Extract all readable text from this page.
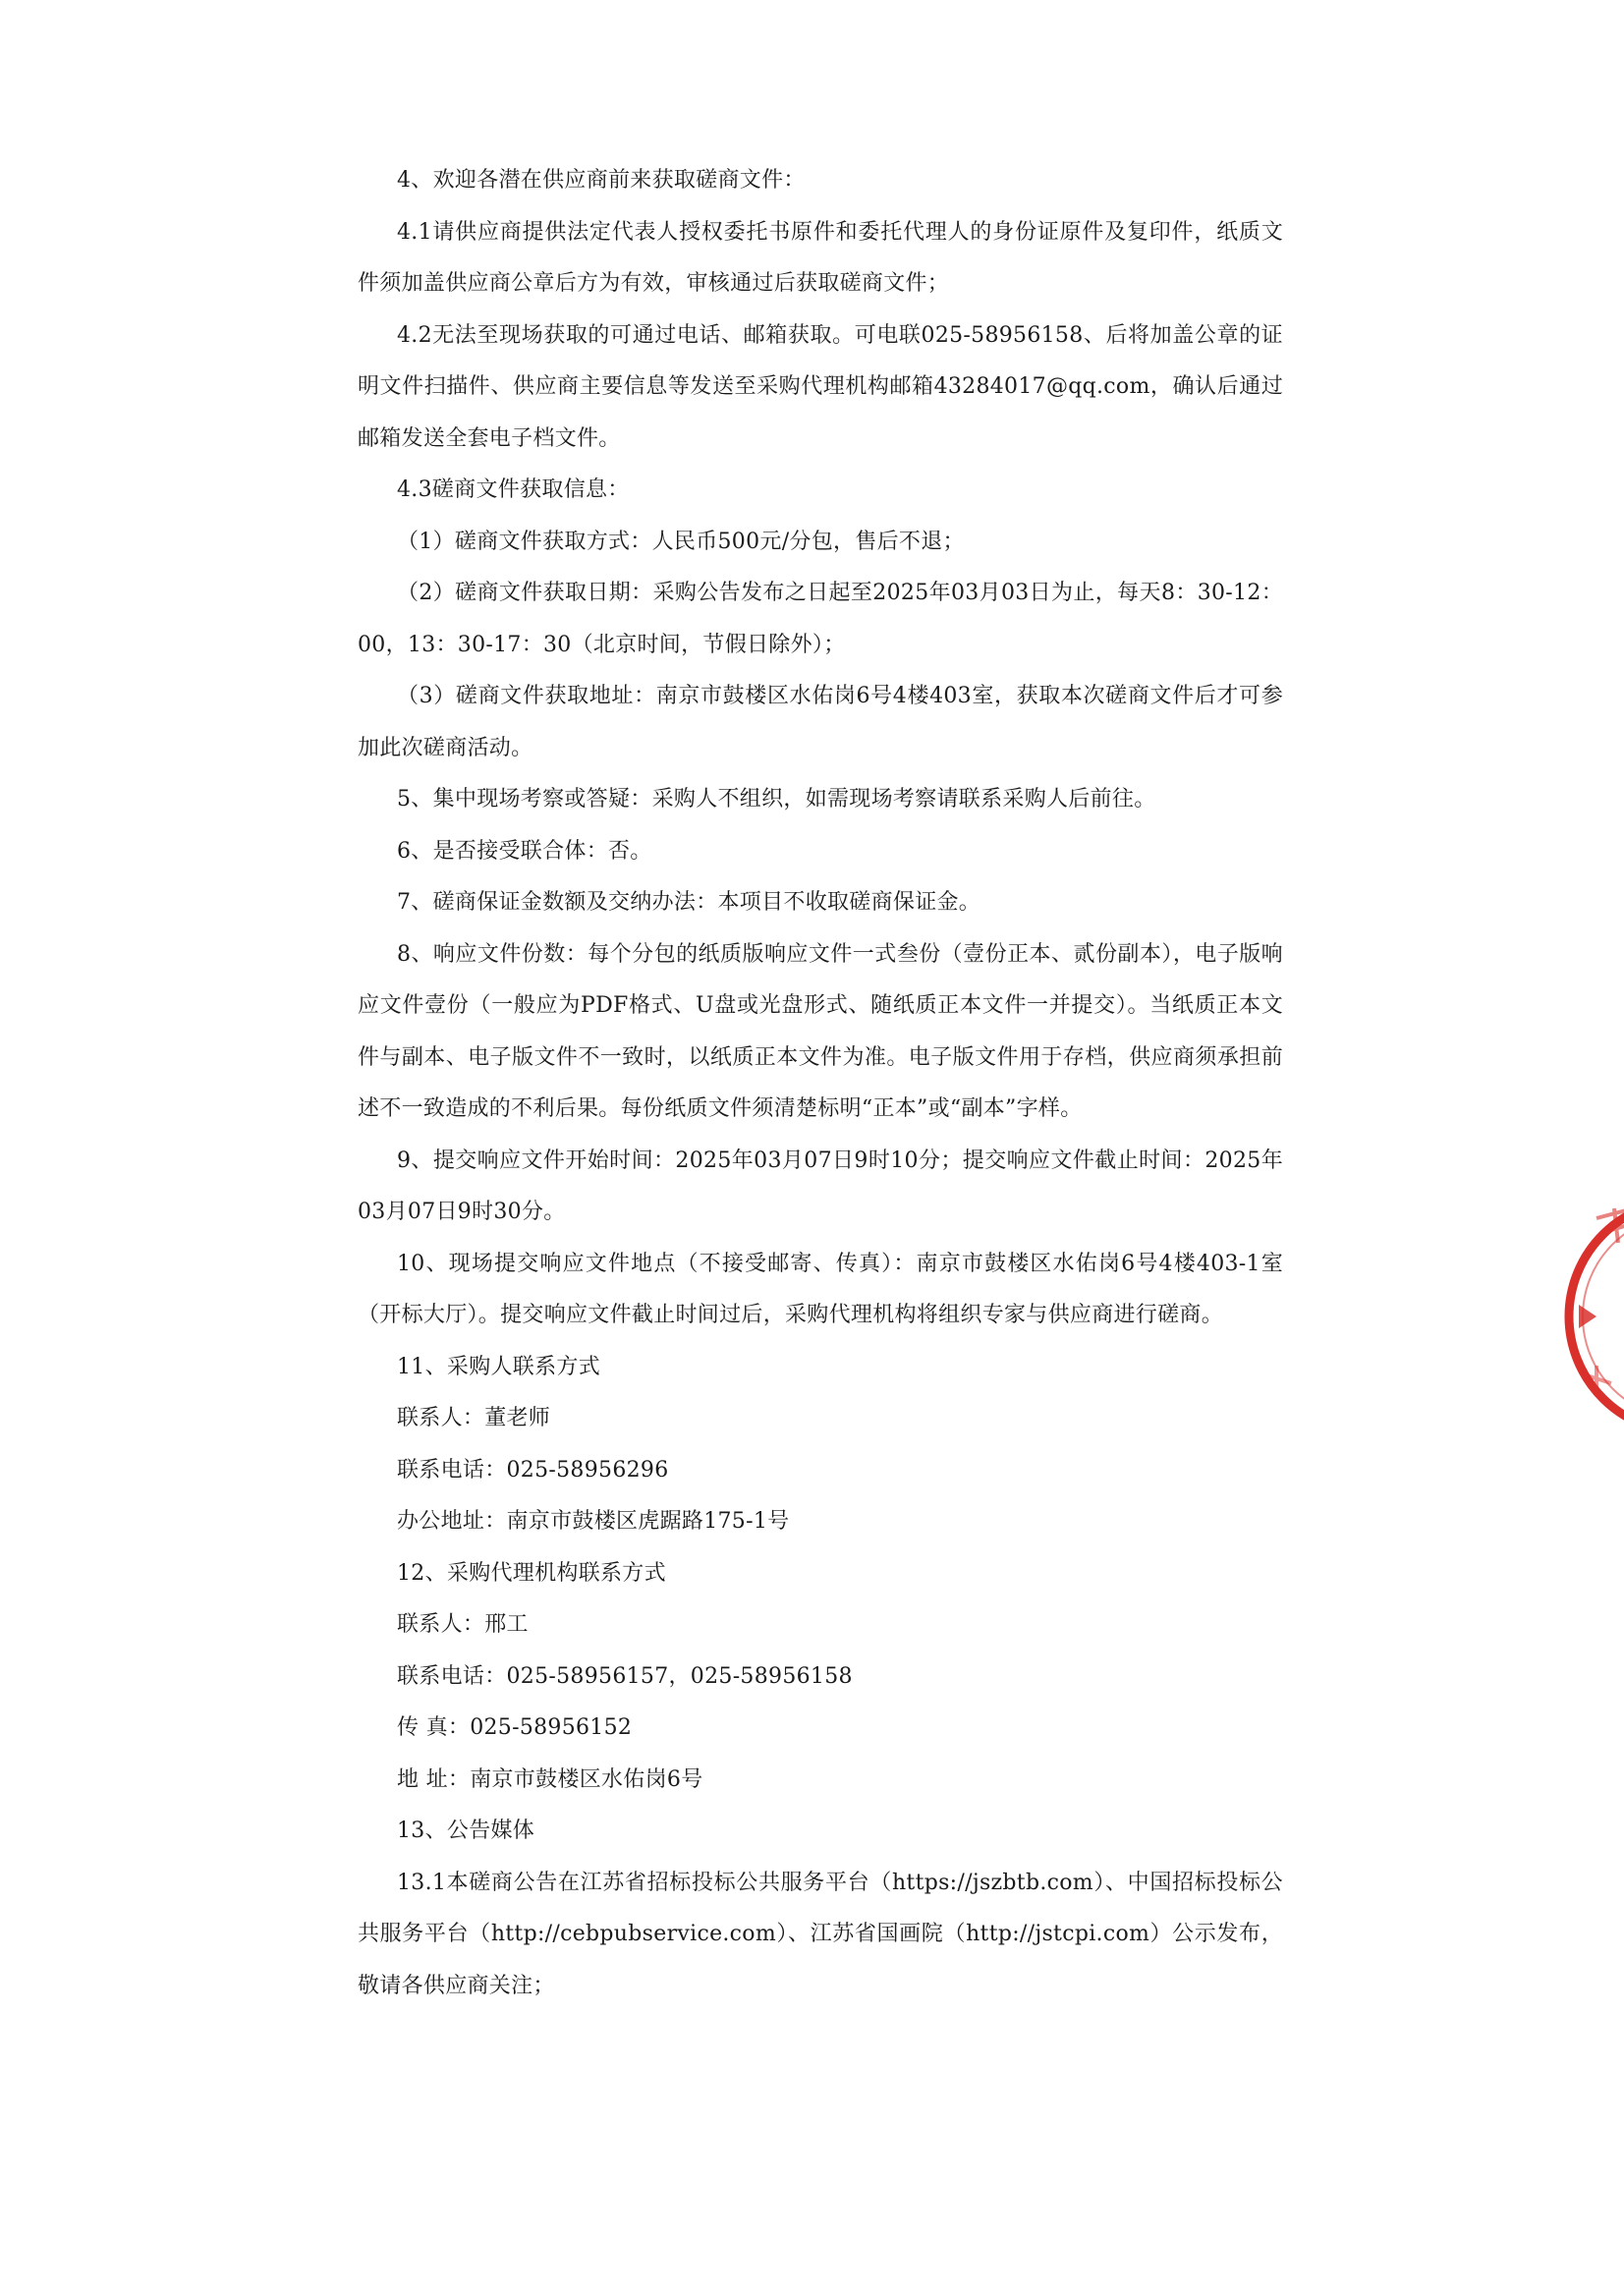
4、欢迎各潜在供应商前来获取磋商文件：

4.1请供应商提供法定代表人授权委托书原件和委托代理人的身份证原件及复印件，纸质文件须加盖供应商公章后方为有效，审核通过后获取磋商文件；

4.2无法至现场获取的可通过电话、邮箱获取。可电联025-58956158、后将加盖公章的证明文件扫描件、供应商主要信息等发送至采购代理机构邮箱43284017@qq.com，确认后通过邮箱发送全套电子档文件。

4.3磋商文件获取信息：

（1）磋商文件获取方式：人民币500元/分包，售后不退；

（2）磋商文件获取日期：采购公告发布之日起至2025年03月03日为止，每天8：30-12：00，13：30-17：30（北京时间，节假日除外）；

（3）磋商文件获取地址：南京市鼓楼区水佑岗6号4楼403室，获取本次磋商文件后才可参加此次磋商活动。

5、集中现场考察或答疑：采购人不组织，如需现场考察请联系采购人后前往。

6、是否接受联合体：否。

7、磋商保证金数额及交纳办法：本项目不收取磋商保证金。

8、响应文件份数：每个分包的纸质版响应文件一式叁份（壹份正本、贰份副本），电子版响应文件壹份（一般应为PDF格式、U盘或光盘形式、随纸质正本文件一并提交）。当纸质正本文件与副本、电子版文件不一致时，以纸质正本文件为准。电子版文件用于存档，供应商须承担前述不一致造成的不利后果。每份纸质文件须清楚标明“正本”或“副本”字样。

9、提交响应文件开始时间：2025年03月07日9时10分；提交响应文件截止时间：2025年03月07日9时30分。

10、现场提交响应文件地点（不接受邮寄、传真）：南京市鼓楼区水佑岗6号4楼403-1室（开标大厅）。提交响应文件截止时间过后，采购代理机构将组织专家与供应商进行磋商。

11、采购人联系方式

联系人：董老师

联系电话：025-58956296

办公地址：南京市鼓楼区虎踞路175-1号

12、采购代理机构联系方式

联系人：邢工

联系电话：025-58956157，025-58956158

传 真：025-58956152

地 址：南京市鼓楼区水佑岗6号

13、公告媒体

13.1本磋商公告在江苏省招标投标公共服务平台（https://jszbtb.com）、中国招标投标公共服务平台（http://cebpubservice.com）、江苏省国画院（http://jstcpi.com）公示发布，敬请各供应商关注；
